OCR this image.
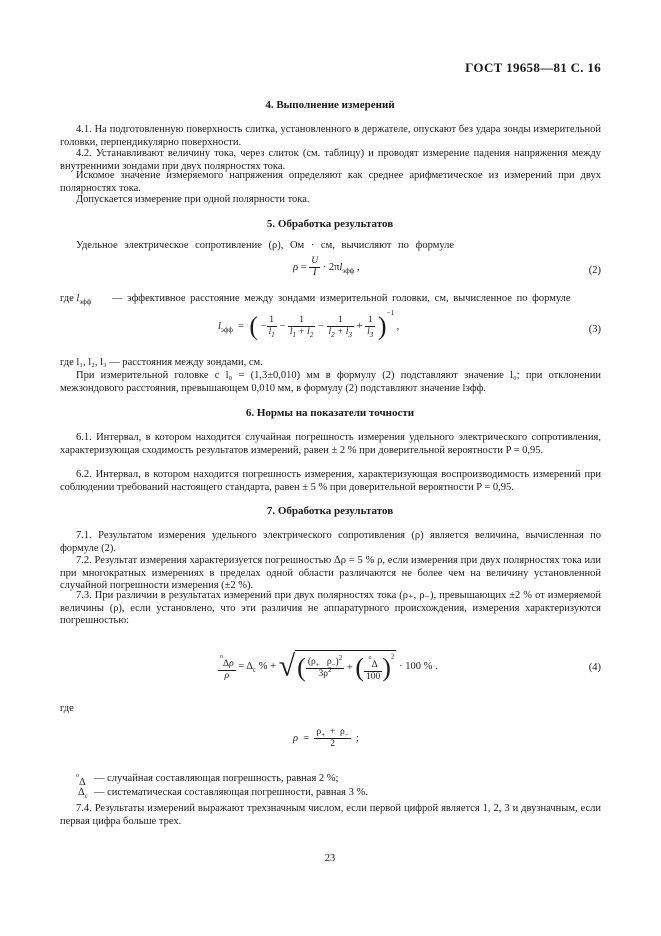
ГОСТ 19658—81 С. 16
4. Выполнение измерений
4.1. На подготовленную поверхность слитка, установленного в держателе, опускают без удара зонды измерительной головки, перпендикулярно поверхности.
4.2. Устанавливают величину тока, через слиток (см. таблицу) и проводят измерение падения напряжения между внутренними зондами при двух полярностях тока.
Искомое значение измеряемого напряжения определяют как среднее арифметическое из измерений при двух полярностях тока.
Допускается измерение при одной полярности тока.
5. Обработка результатов
Удельное электрическое сопротивление (ρ), Ом · см, вычисляют по формуле
$\rho = \frac{U}{I} \cdot 2\pi l_{эфф}$ ,	(2)
где $l_{эфф}$ — эффективное расстояние между зондами измерительной головки, см, вычисленное по формуле
$l_{эфф}$  =  ( − $\frac{1}{l_1} - \frac{1}{l_1 + l_2} - \frac{1}{l_2 + l_3} + \frac{1}{l_3} )^{-1}$ ,	(3)
где l₁, l₂, l₃ — расстояния между зондами, см.
При измерительной головке с l₀ = (1,3±0,010) мм в формулу (2) подставляют значение l₀; при отклонении межзондового расстояния, превышающем 0,010 мм, в формулу (2) подставляют значение lэфф.
6. Нормы на показатели точности
6.1. Интервал, в котором находится случайная погрешность измерения удельного электрического сопротивления, характеризующая сходимость результатов измерений, равен ± 2 % при доверительной вероятности P = 0,95.
6.2. Интервал, в котором находится погрешность измерения, характеризующая воспроизводимость измерений при соблюдении требований настоящего стандарта, равен ± 5 % при доверительной вероятности P = 0,95.
7. Обработка результатов
7.1. Результатом измерения удельного электрического сопротивления (ρ) является величина, вычисленная по формуле (2).
7.2. Результат измерения характеризуется погрешностью Δρ = 5 % ρ, если измерения при двух полярностях тока или при многократных измерениях в пределах одной области различаются не более чем на величину установленной случайной погрешности измерения (±2 %).
7.3. При различии в результатах измерений при двух полярностях тока (ρ₊, ρ₋), превышающих ±2 % от измеряемой величины (ρ), если установлено, что эти различия не аппаратурного происхождения, измерения характеризуются погрешностью:
$\frac{^o\Delta\rho}{\rho} = \Delta_c$ % + √( $\frac{(\rho_+ \rho_-)^2}{3\rho^2}$ + ( $\frac{^o\Delta}{100} )^2 \cdot 100$ % .	(4)
где
$\rho = \frac{\rho_+ + \rho_-}{2}$ ;
$^o$Δ — случайная составляющая погрешность, равная 2 %;
$\Delta_c$ — систематическая составляющая погрешности, равная 3 %.
7.4. Результаты измерений выражают трехзначным числом, если первой цифрой является 1, 2, 3 и двузначным, если первая цифра больше трех.
23
